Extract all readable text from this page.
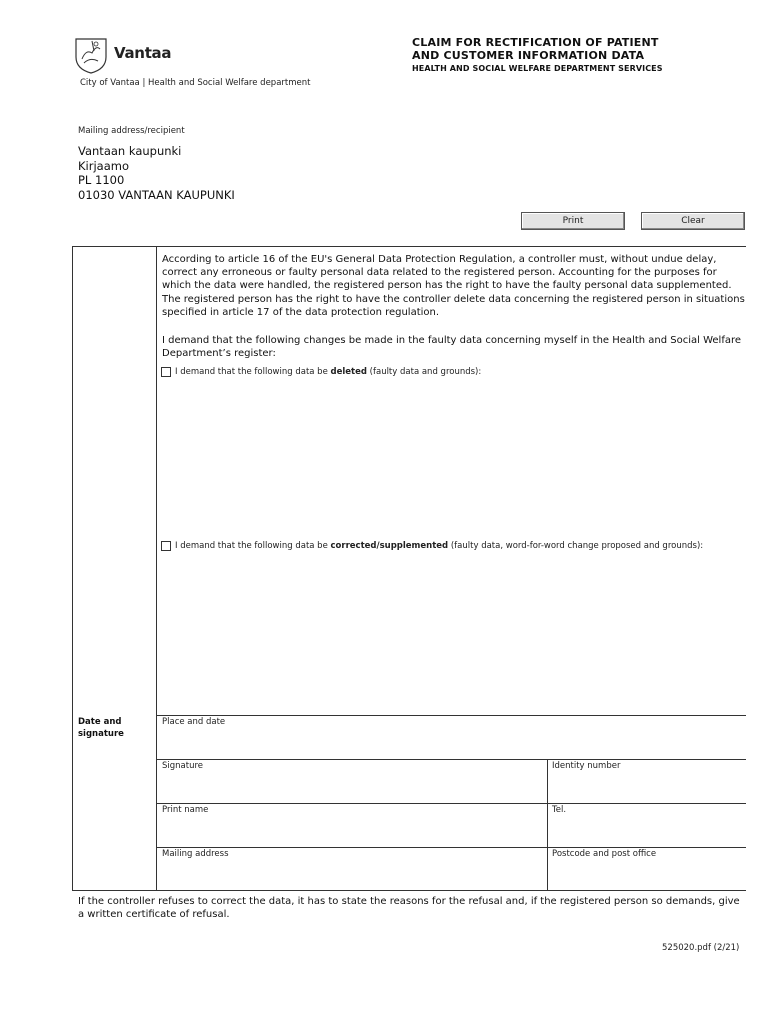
Vantaa
City of Vantaa | Health and Social Welfare department
CLAIM FOR RECTIFICATION OF PATIENT
AND CUSTOMER INFORMATION DATA
HEALTH AND SOCIAL WELFARE DEPARTMENT SERVICES
Mailing address/recipient
Vantaan kaupunki
Kirjaamo
PL 1100
01030 VANTAAN KAUPUNKI
Print	Clear
According to article 16 of the EU's General Data Protection Regulation, a controller must, without undue delay, correct any erroneous or faulty personal data related to the registered person. Accounting for the purposes for which the data were handled, the registered person has the right to have the faulty personal data supplemented. The registered person has the right to have the controller delete data concerning the registered person in situations specified in article 17 of the data protection regulation.
I demand that the following changes be made in the faulty data concerning myself in the Health and Social Welfare Department’s register:
I demand that the following data be deleted (faulty data and grounds):
I demand that the following data be corrected/supplemented (faulty data, word-for-word change proposed and grounds):
Date and
signature
Place and date
Signature	Identity number
Print name	Tel.
Mailing address	Postcode and post office
If the controller refuses to correct the data, it has to state the reasons for the refusal and, if the registered person so demands, give a written certificate of refusal.
525020.pdf (2/21)
